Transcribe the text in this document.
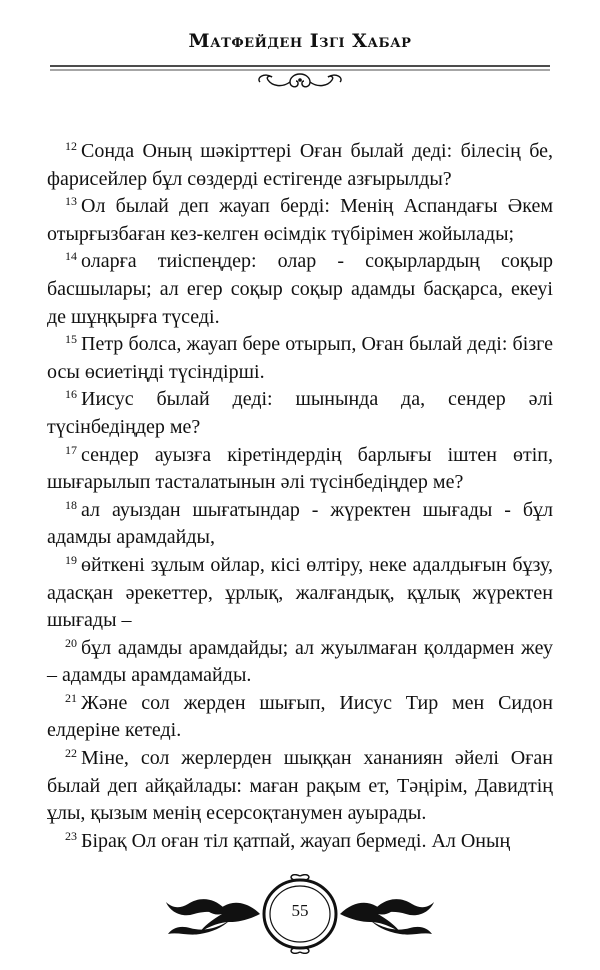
Матфейден Ізгі Хабар

$^{12}$ Сонда Оның шәкірттері Оған былай деді: білесің бе, фарисейлер бұл сөздерді естігенде азғырылды?

$^{13}$ Ол былай деп жауап берді: Менің Аспандағы Әкем отырғызбаған кез-келген өсімдік түбірімен жойылады;

$^{14}$ оларға тиіспеңдер: олар - соқырлардың соқыр басшылары; ал егер соқыр соқыр адамды басқарса, екеуі де шұңқырға түседі.

$^{15}$ Петр болса, жауап бере отырып, Оған былай деді: бізге осы өсиетіңді түсіндірші.

$^{16}$ Иисус былай деді: шынында да, сендер әлі түсінбедіңдер ме?

$^{17}$ сендер ауызға кіретіндердің барлығы іштен өтіп, шығарылып тасталатынын әлі түсінбедіңдер ме?

$^{18}$ ал ауыздан шығатындар - жүректен шығады - бұл адамды арамдайды,

$^{19}$ өйткені зұлым ойлар, кісі өлтіру, неке адалдығын бұзу, адасқан әрекеттер, ұрлық, жалғандық, құлық жүректен шығады –

$^{20}$ бұл адамды арамдайды; ал жуылмаған қолдармен жеу – адамды арамдамайды.

$^{21}$ Және сол жерден шығып, Иисус Тир мен Сидон елдеріне кетеді.

$^{22}$ Міне, сол жерлерден шыққан хананиян әйелі Оған былай деп айқайлады: маған рақым ет, Тәңірім, Давидтің ұлы, қызым менің есерсоқтанумен ауырады.

$^{23}$ Бірақ Ол оған тіл қатпай, жауап бермеді. Ал Оның

55
